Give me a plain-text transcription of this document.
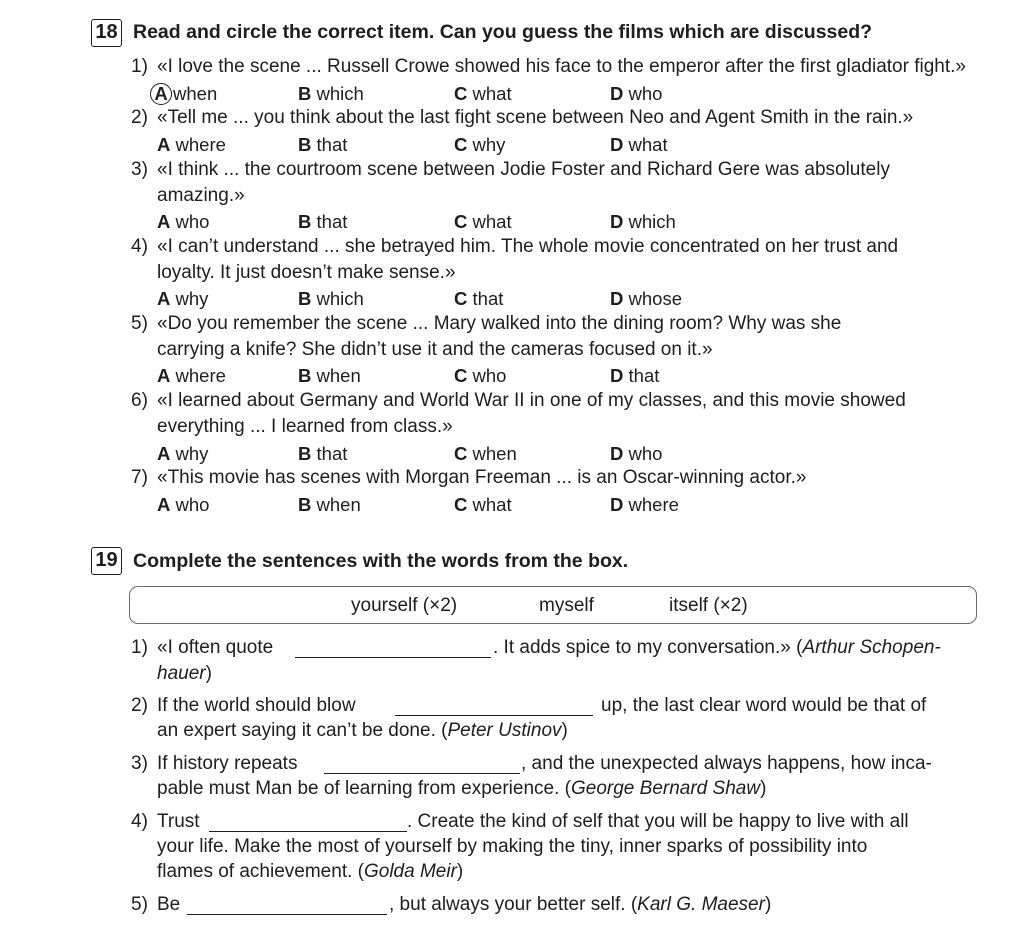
18 Read and circle the correct item. Can you guess the films which are discussed?
1) «I love the scene ... Russell Crowe showed his face to the emperor after the first gladiator fight.»
A when	B which	C what	D who
2) «Tell me ... you think about the last fight scene between Neo and Agent Smith in the rain.»
A where	B that	C why	D what
3) «I think ... the courtroom scene between Jodie Foster and Richard Gere was absolutely
amazing.»
A who	B that	C what	D which
4) «I can’t understand ... she betrayed him. The whole movie concentrated on her trust and
loyalty. It just doesn’t make sense.»
A why	B which	C that	D whose
5) «Do you remember the scene ... Mary walked into the dining room? Why was she
carrying a knife? She didn’t use it and the cameras focused on it.»
A where	B when	C who	D that
6) «I learned about Germany and World War II in one of my classes, and this movie showed
everything ... I learned from class.»
A why	B that	C when	D who
7) «This movie has scenes with Morgan Freeman ... is an Oscar-winning actor.»
A who	B when	C what	D where
19 Complete the sentences with the words from the box.
yourself (×2)	myself	itself (×2)
1) «I often quote	. It adds spice to my conversation.» (Arthur Schopen-
hauer)
2) If the world should blow	up, the last clear word would be that of
an expert saying it can’t be done. (Peter Ustinov)
3) If history repeats	, and the unexpected always happens, how inca-
pable must Man be of learning from experience. (George Bernard Shaw)
4) Trust	. Create the kind of self that you will be happy to live with all
your life. Make the most of yourself by making the tiny, inner sparks of possibility into
flames of achievement. (Golda Meir)
5) Be	, but always your better self. (Karl G. Maeser)
